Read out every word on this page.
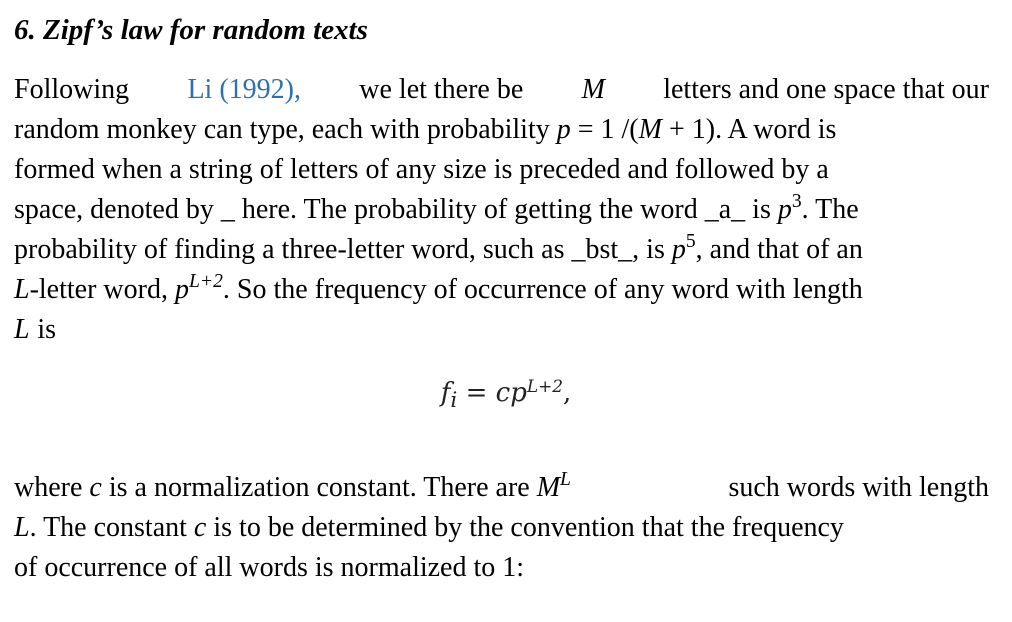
6. Zipf’s law for random texts
Following Li (1992), we let there be M letters and one space that our
random monkey can type, each with probability p = 1 /(M + 1). A word is
formed when a string of letters of any size is preceded and followed by a
space, denoted by _ here. The probability of getting the word _a_ is $p^3$. The
probability of finding a three-letter word, such as _bst_, is $p^5$, and that of an
L-letter word, $p^{L+2}$. So the frequency of occurrence of any word with length
L is
$f_i = cp^{L+2}$,
where c is a normalization constant. There are $M^L$	such words with length
L. The constant c is to be determined by the convention that the frequency
of occurrence of all words is normalized to 1:
